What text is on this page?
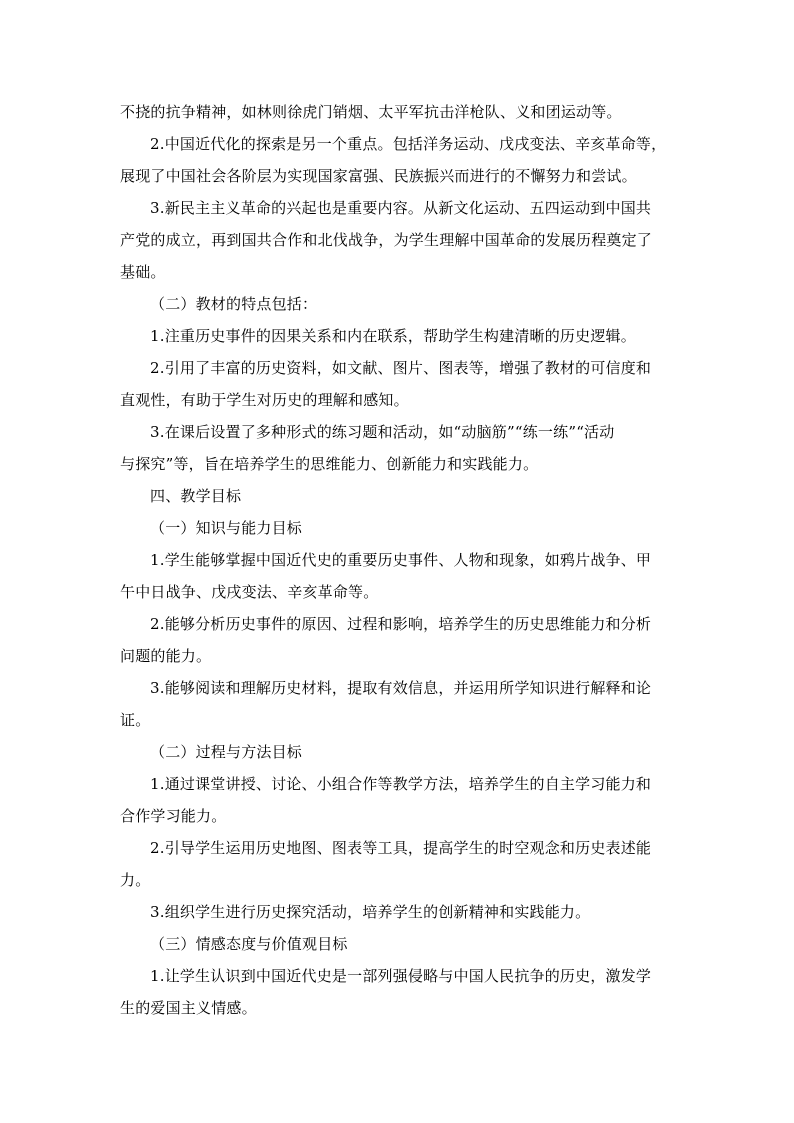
不挠的抗争精神，如林则徐虎门销烟、太平军抗击洋枪队、义和团运动等。
2.中国近代化的探索是另一个重点。包括洋务运动、戊戌变法、辛亥革命等，
展现了中国社会各阶层为实现国家富强、民族振兴而进行的不懈努力和尝试。
3.新民主主义革命的兴起也是重要内容。从新文化运动、五四运动到中国共
产党的成立，再到国共合作和北伐战争，为学生理解中国革命的发展历程奠定了
基础。
（二）教材的特点包括：
1.注重历史事件的因果关系和内在联系，帮助学生构建清晰的历史逻辑。
2.引用了丰富的历史资料，如文献、图片、图表等，增强了教材的可信度和
直观性，有助于学生对历史的理解和感知。
3.在课后设置了多种形式的练习题和活动，如“动脑筋”“练一练”“活动
与探究”等，旨在培养学生的思维能力、创新能力和实践能力。
四、教学目标
（一）知识与能力目标
1.学生能够掌握中国近代史的重要历史事件、人物和现象，如鸦片战争、甲
午中日战争、戊戌变法、辛亥革命等。
2.能够分析历史事件的原因、过程和影响，培养学生的历史思维能力和分析
问题的能力。
3.能够阅读和理解历史材料，提取有效信息，并运用所学知识进行解释和论
证。
（二）过程与方法目标
1.通过课堂讲授、讨论、小组合作等教学方法，培养学生的自主学习能力和
合作学习能力。
2.引导学生运用历史地图、图表等工具，提高学生的时空观念和历史表述能
力。
3.组织学生进行历史探究活动，培养学生的创新精神和实践能力。
（三）情感态度与价值观目标
1.让学生认识到中国近代史是一部列强侵略与中国人民抗争的历史，激发学
生的爱国主义情感。
